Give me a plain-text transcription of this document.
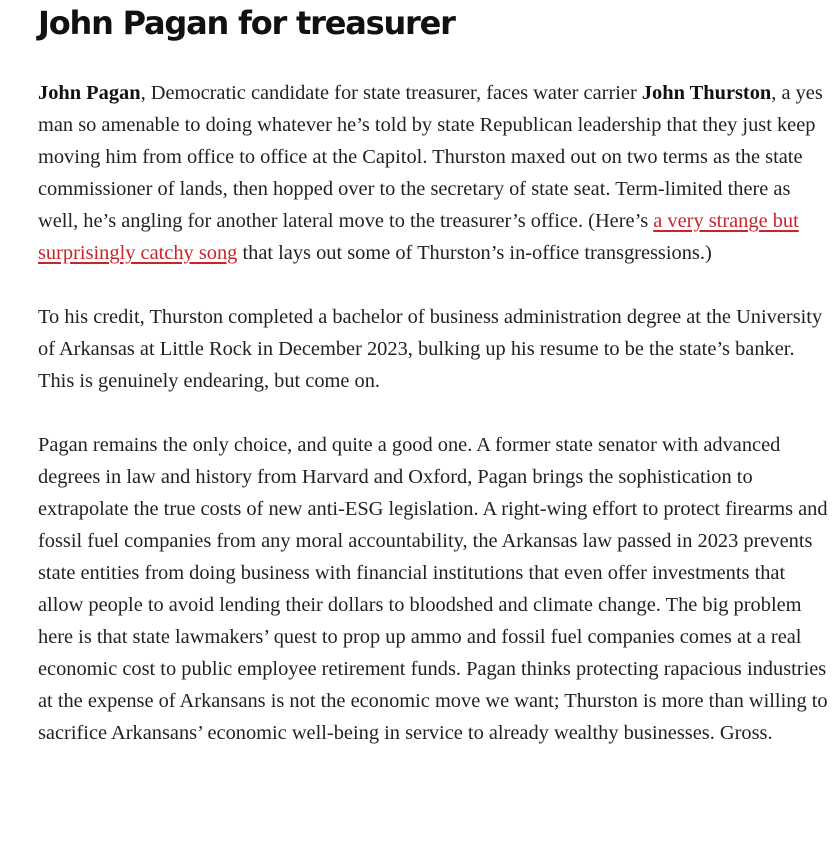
John Pagan for treasurer

John Pagan, Democratic candidate for state treasurer, faces water carrier John Thurston, a yes man so amenable to doing whatever he’s told by state Republican leadership that they just keep moving him from office to office at the Capitol. Thurston maxed out on two terms as the state commissioner of lands, then hopped over to the secretary of state seat. Term-limited there as well, he’s angling for another lateral move to the treasurer’s office. (Here’s a very strange but surprisingly catchy song that lays out some of Thurston’s in-office transgressions.)

To his credit, Thurston completed a bachelor of business administration degree at the University of Arkansas at Little Rock in December 2023, bulking up his resume to be the state’s banker. This is genuinely endearing, but come on.

Pagan remains the only choice, and quite a good one. A former state senator with advanced degrees in law and history from Harvard and Oxford, Pagan brings the sophistication to extrapolate the true costs of new anti-ESG legislation. A right-wing effort to protect firearms and fossil fuel companies from any moral accountability, the Arkansas law passed in 2023 prevents state entities from doing business with financial institutions that even offer investments that allow people to avoid lending their dollars to bloodshed and climate change. The big problem here is that state lawmakers’ quest to prop up ammo and fossil fuel companies comes at a real economic cost to public employee retirement funds. Pagan thinks protecting rapacious industries at the expense of Arkansans is not the economic move we want; Thurston is more than willing to sacrifice Arkansans’ economic well-being in service to already wealthy businesses. Gross.
